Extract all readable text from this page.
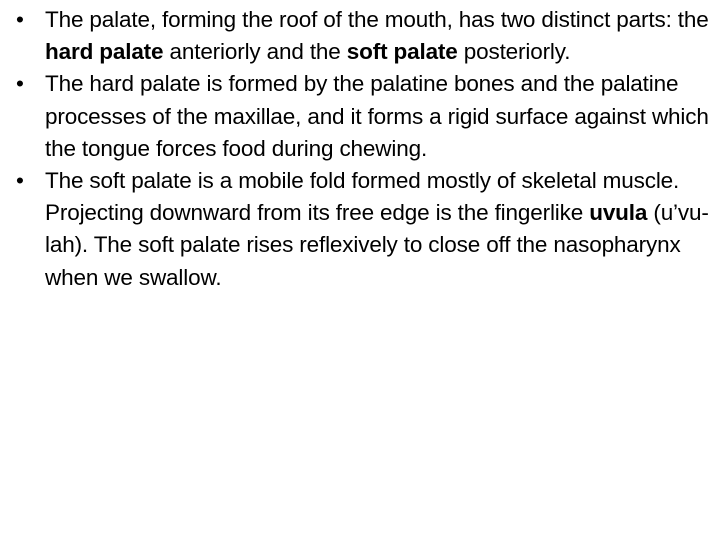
• The palate, forming the roof of the mouth, has two distinct parts: the hard palate anteriorly and the soft palate posteriorly.
• The hard palate is formed by the palatine bones and the palatine processes of the maxillae, and it forms a rigid surface against which the tongue forces food during chewing.
• The soft palate is a mobile fold formed mostly of skeletal muscle. Projecting downward from its free edge is the fingerlike uvula (u’vu-lah). The soft palate rises reflexively to close off the nasopharynx when we swallow.
